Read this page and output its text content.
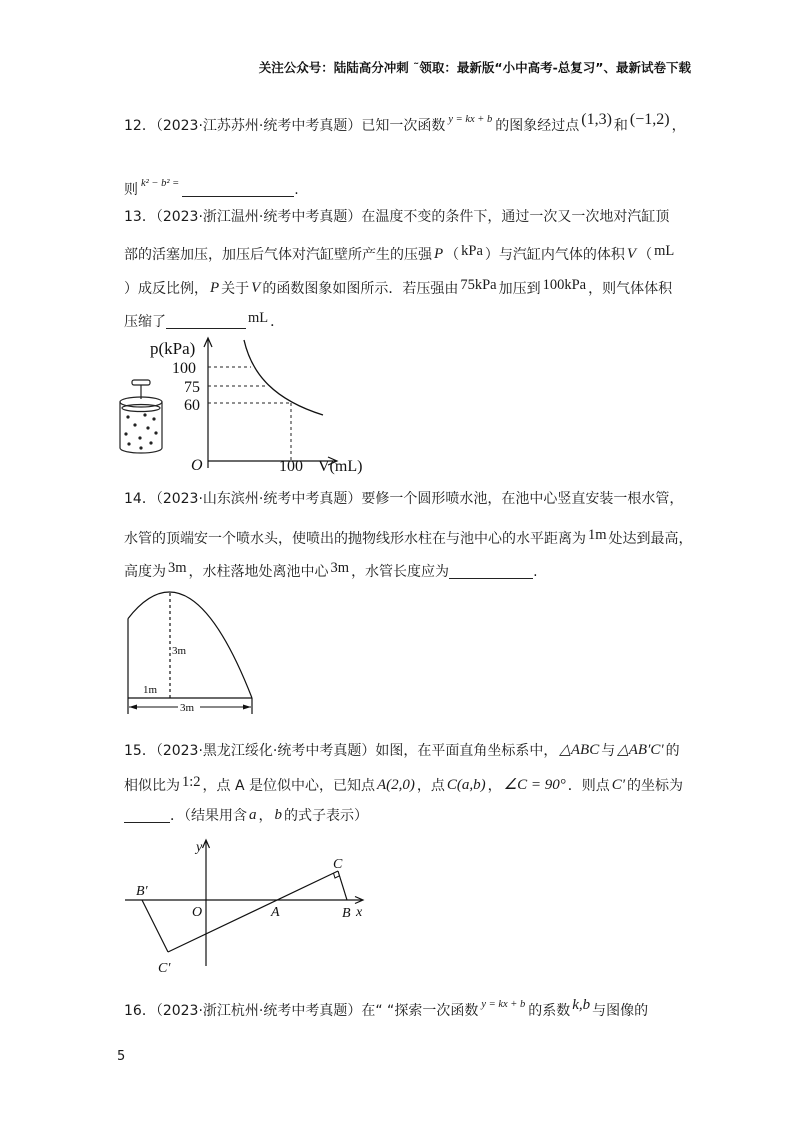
关注公众号：陆陆高分冲刺 ˜领取：最新版“小中高考-总复习”、最新试卷下载
12．（2023·江苏苏州·统考中考真题）已知一次函数 $^{y = kx + b}$ 的图象经过点 (1,3) 和 (−1,2) ，
则 $^{k^2 - b^2 =}$	.
13．（2023·浙江温州·统考中考真题）在温度不变的条件下，通过一次又一次地对汽缸顶
部的活塞加压，加压后气体对汽缸壁所产生的压强 P （ kPa ）与汽缸内气体的体积 V （ mL
）成反比例， P 关于 V 的函数图象如图所示．若压强由 75kPa 加压到 100kPa ，则气体体积
压缩了	mL ．
p(kPa)
100
75
60
O	100 V(mL)
14．（2023·山东滨州·统考中考真题）要修一个圆形喷水池，在池中心竖直安装一根水管，
水管的顶端安一个喷水头，使喷出的抛物线形水柱在与池中心的水平距离为 1m 处达到最高，
高度为 3m ，水柱落地处离池中心 3m ，水管长度应为	.
3m
1m
3m
15．（2023·黑龙江绥化·统考中考真题）如图，在平面直角坐标系中， △ABC 与 △AB′C′ 的
相似比为 1:2 ，点 A 是位似中心，已知点 A(2,0) ，点 C(a,b) ， ∠C = 90° ．则点 C′ 的坐标为
．（结果用含 a ， b 的式子表示）
y
x
O	A	B
C
B′
C′
16．（2023·浙江杭州·统考中考真题）在“ “探索一次函数 $^{y = kx + b}$ 的系数 k,b 与图像的
5
